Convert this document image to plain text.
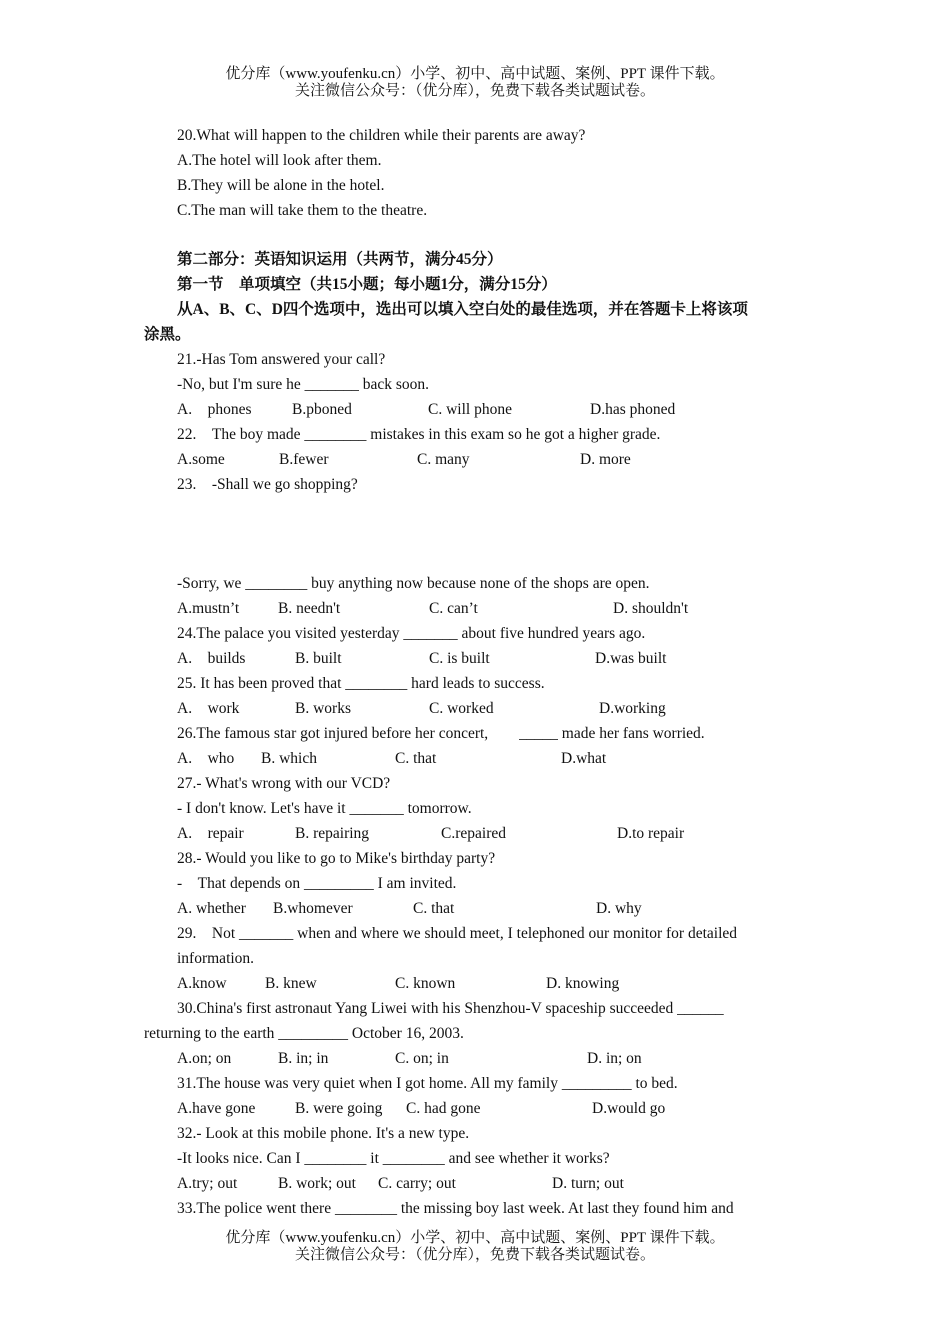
优分库（www.youfenku.cn）小学、初中、高中试题、案例、PPT 课件下载。
关注微信公众号：（优分库），免费下载各类试题试卷。
20.What will happen to the children while their parents are away?
A.The hotel will look after them.
B.They will be alone in the hotel.
C.The man will take them to the theatre.
第二部分：英语知识运用（共两节，满分45分）
第一节　单项填空（共15小题；每小题1分，满分15分）
从A、B、C、D四个选项中，选出可以填入空白处的最佳选项，并在答题卡上将该项
涂黑。
21.-Has Tom answered your call?
-No, but I'm sure he _______ back soon.
A.　phones	B.pboned	C. will phone	D.has phoned
22.　The boy made ________ mistakes in this exam so he got a higher grade.
A.some	B.fewer	C. many	D. more
23.　-Shall we go shopping?
-Sorry, we ________ buy anything now because none of the shops are open.
A.mustn’t	B. needn't	C. can’t	D. shouldn't
24.The palace you visited yesterday _______ about five hundred years ago.
A.　builds	B. built	C. is built	D.was built
25. It has been proved that ________ hard leads to success.
A.　work	B. works	C. worked	D.working
26.The famous star got injured before her concert,　　_____ made her fans worried.
A.　who B. which	C. that	D.what
27.- What's wrong with our VCD?
- I don't know. Let's have it _______ tomorrow.
A.　repair	B. repairing	C.repaired	D.to repair
28.- Would you like to go to Mike's birthday party?
-　That depends on _________ I am invited.
A. whether B.whomever	C. that	D. why
29.　Not _______ when and where we should meet, I telephoned our monitor for detailed
information.
A.know B. knew	C. known	D. knowing
30.China's first astronaut Yang Liwei with his Shenzhou-V spaceship succeeded ______
returning to the earth _________ October 16, 2003.
A.on; on	B. in; in	C. on; in	D. in; on
31.The house was very quiet when I got home. All my family _________ to bed.
A.have gone	B. were going C. had gone	D.would go
32.- Look at this mobile phone. It's a new type.
-It looks nice. Can I ________ it ________ and see whether it works?
A.try; out	B. work; out C. carry; out	D. turn; out
33.The police went there ________ the missing boy last week. At last they found him and
优分库（www.youfenku.cn）小学、初中、高中试题、案例、PPT 课件下载。
关注微信公众号：（优分库），免费下载各类试题试卷。
